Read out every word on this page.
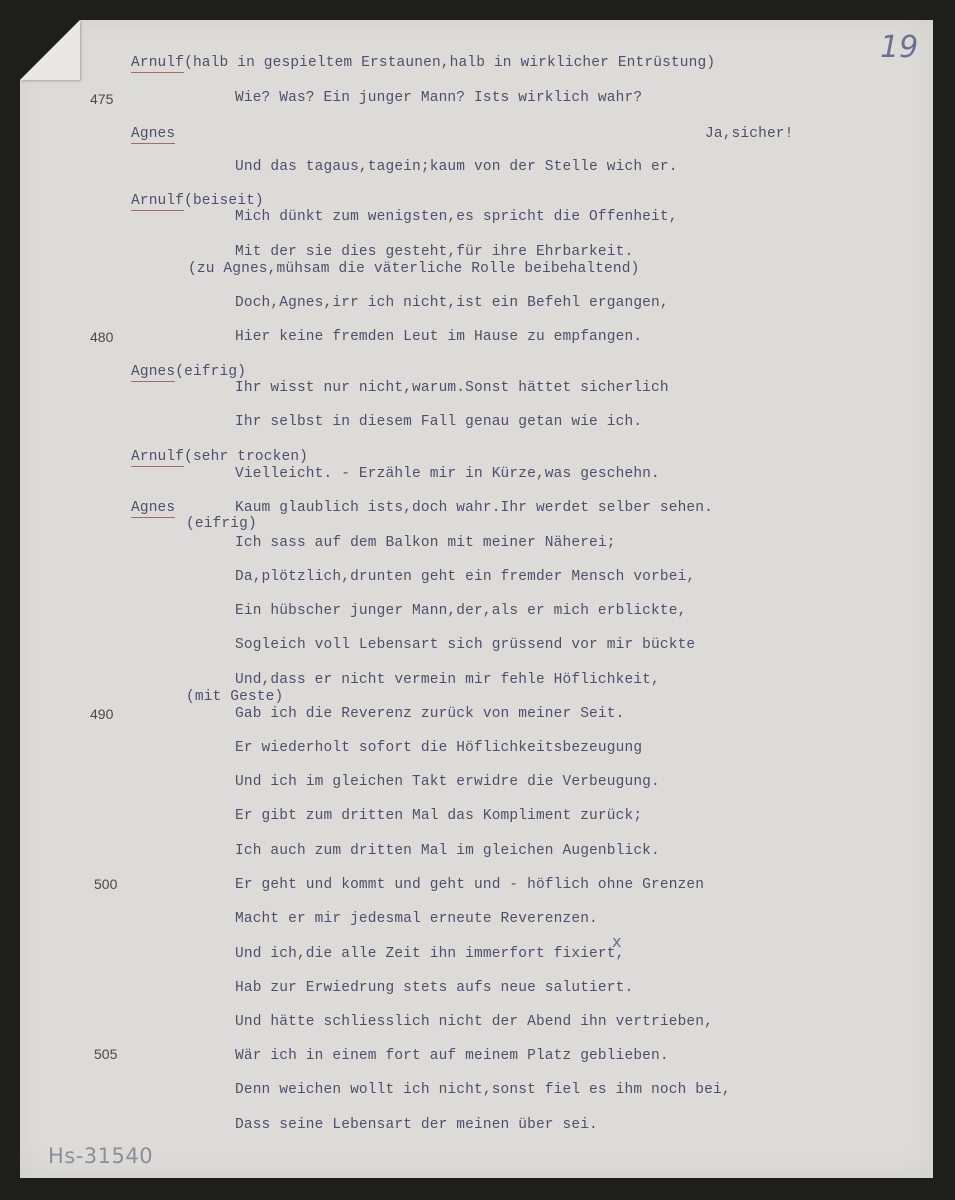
19
475
480
490
500
505
Arnulf(halb in gespieltem Erstaunen,halb in wirklicher Entrüstung)
Wie? Was? Ein junger Mann? Ists wirklich wahr?
Agnes	Ja,sicher!
Und das tagaus,tagein;kaum von der Stelle wich er.
Arnulf(beiseit)
Mich dünkt zum wenigsten,es spricht die Offenheit,
Mit der sie dies gesteht,für ihre Ehrbarkeit.
(zu Agnes,mühsam die väterliche Rolle beibehaltend)
Doch,Agnes,irr ich nicht,ist ein Befehl ergangen,
Hier keine fremden Leut im Hause zu empfangen.
Agnes(eifrig)
Ihr wisst nur nicht,warum.Sonst hättet sicherlich
Ihr selbst in diesem Fall genau getan wie ich.
Arnulf(sehr trocken)
Vielleicht. - Erzähle mir in Kürze,was geschehn.
Agnes	Kaum glaublich ists,doch wahr.Ihr werdet selber sehen.
(eifrig)
Ich sass auf dem Balkon mit meiner Näherei;
Da,plötzlich,drunten geht ein fremder Mensch vorbei,
Ein hübscher junger Mann,der,als er mich erblickte,
Sogleich voll Lebensart sich grüssend vor mir bückte
Und,dass er nicht vermein mir fehle Höflichkeit,
(mit Geste)
Gab ich die Reverenz zurück von meiner Seit.
Er wiederholt sofort die Höflichkeitsbezeugung
Und ich im gleichen Takt erwidre die Verbeugung.
Er gibt zum dritten Mal das Kompliment zurück;
Ich auch zum dritten Mal im gleichen Augenblick.
Er geht und kommt und geht und - höflich ohne Grenzen
Macht er mir jedesmal erneute Reverenzen.
x
Und ich,die alle Zeit ihn immerfort fixiert,
Hab zur Erwiedrung stets aufs neue salutiert.
Und hätte schliesslich nicht der Abend ihn vertrieben,
Wär ich in einem fort auf meinem Platz geblieben.
Denn weichen wollt ich nicht,sonst fiel es ihm noch bei,
Dass seine Lebensart der meinen über sei.
Hs-31540
